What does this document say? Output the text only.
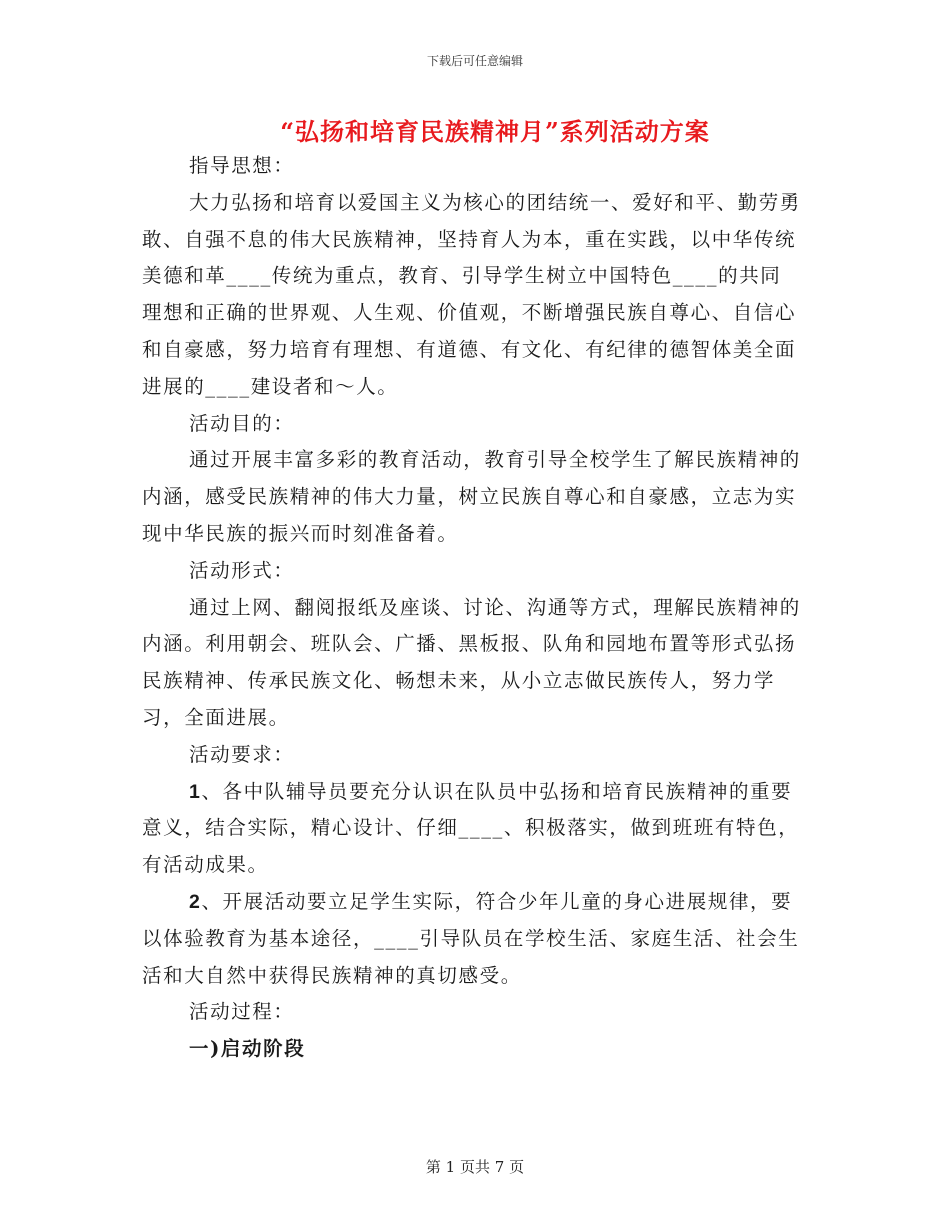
下载后可任意编辑
“弘扬和培育民族精神月”系列活动方案

指导思想：

大力弘扬和培育以爱国主义为核心的团结统一、爱好和平、勤劳勇敢、自强不息的伟大民族精神，坚持育人为本，重在实践，以中华传统美德和革____传统为重点，教育、引导学生树立中国特色____的共同理想和正确的世界观、人生观、价值观，不断增强民族自尊心、自信心和自豪感，努力培育有理想、有道德、有文化、有纪律的德智体美全面进展的____建设者和～人。

活动目的：

通过开展丰富多彩的教育活动，教育引导全校学生了解民族精神的内涵，感受民族精神的伟大力量，树立民族自尊心和自豪感，立志为实现中华民族的振兴而时刻准备着。

活动形式：

通过上网、翻阅报纸及座谈、讨论、沟通等方式，理解民族精神的内涵。利用朝会、班队会、广播、黑板报、队角和园地布置等形式弘扬民族精神、传承民族文化、畅想未来，从小立志做民族传人，努力学习，全面进展。

活动要求：

1、各中队辅导员要充分认识在队员中弘扬和培育民族精神的重要意义，结合实际，精心设计、仔细____、积极落实，做到班班有特色，有活动成果。

2、开展活动要立足学生实际，符合少年儿童的身心进展规律，要以体验教育为基本途径，____引导队员在学校生活、家庭生活、社会生活和大自然中获得民族精神的真切感受。

活动过程：

一)启动阶段

第 1 页共 7 页
